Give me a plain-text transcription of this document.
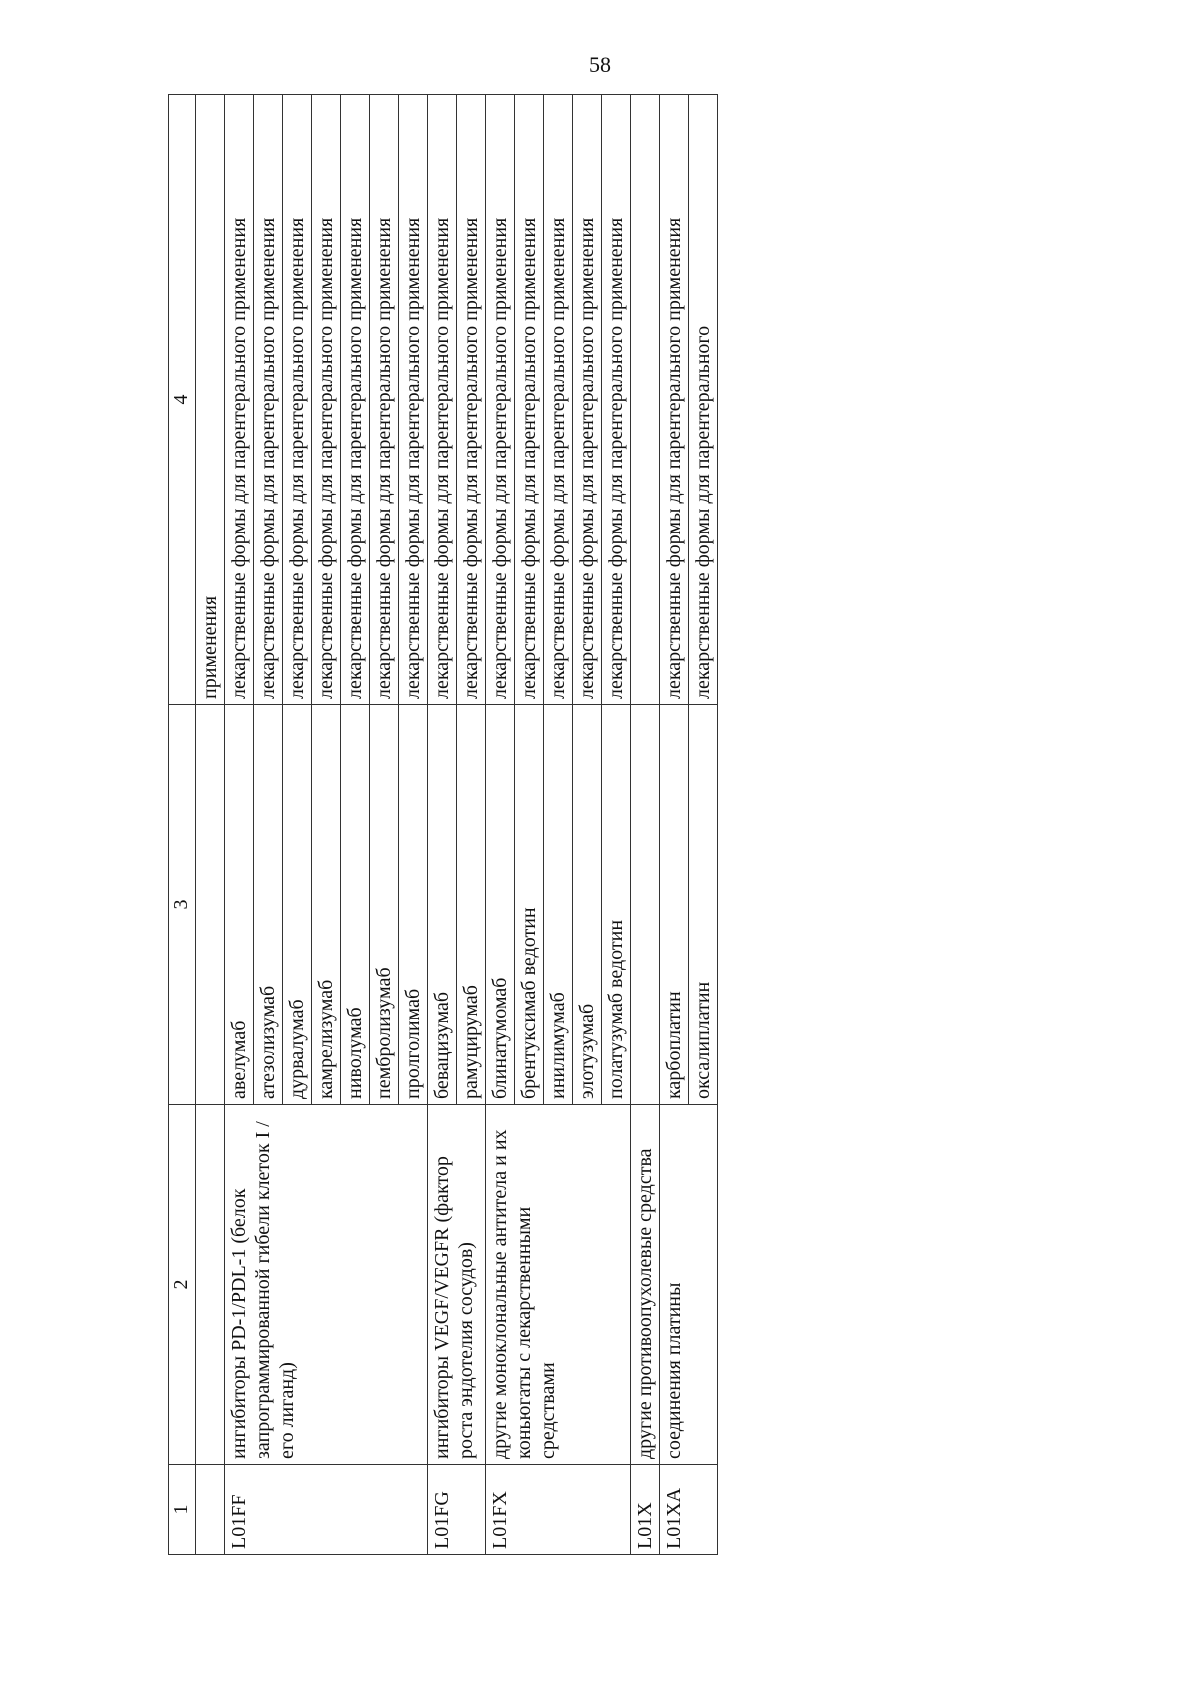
58
1	2	3	4
			применения
L01FF	ингибиторы PD-1/PDL-1 (белок запрограммированной гибели клеток I / его лиганд)	авелумаб	лекарственные формы для парентерального применения
		атезолизумаб	лекарственные формы для парентерального применения
		дурвалумаб	лекарственные формы для парентерального применения
		камрелизумаб	лекарственные формы для парентерального применения
		ниволумаб	лекарственные формы для парентерального применения
		пембролизумаб	лекарственные формы для парентерального применения
		пролголимаб	лекарственные формы для парентерального применения
L01FG	ингибиторы VEGF/VEGFR (фактор роста эндотелия сосудов)	бевацизумаб	лекарственные формы для парентерального применения
		рамуцирумаб	лекарственные формы для парентерального применения
L01FX	другие моноклональные антитела и их коньюгаты с лекарственными средствами	блинатумомаб	лекарственные формы для парентерального применения
		брентуксимаб ведотин	лекарственные формы для парентерального применения
		инилимумаб	лекарственные формы для парентерального применения
		элотузумаб	лекарственные формы для парентерального применения
		полатузумаб ведотин	лекарственные формы для парентерального применения
L01X	другие противоопухолевые средства		
L01XA	соединения платины	карбоплатин	лекарственные формы для парентерального применения
		оксалиплатин	лекарственные формы для парентерального
